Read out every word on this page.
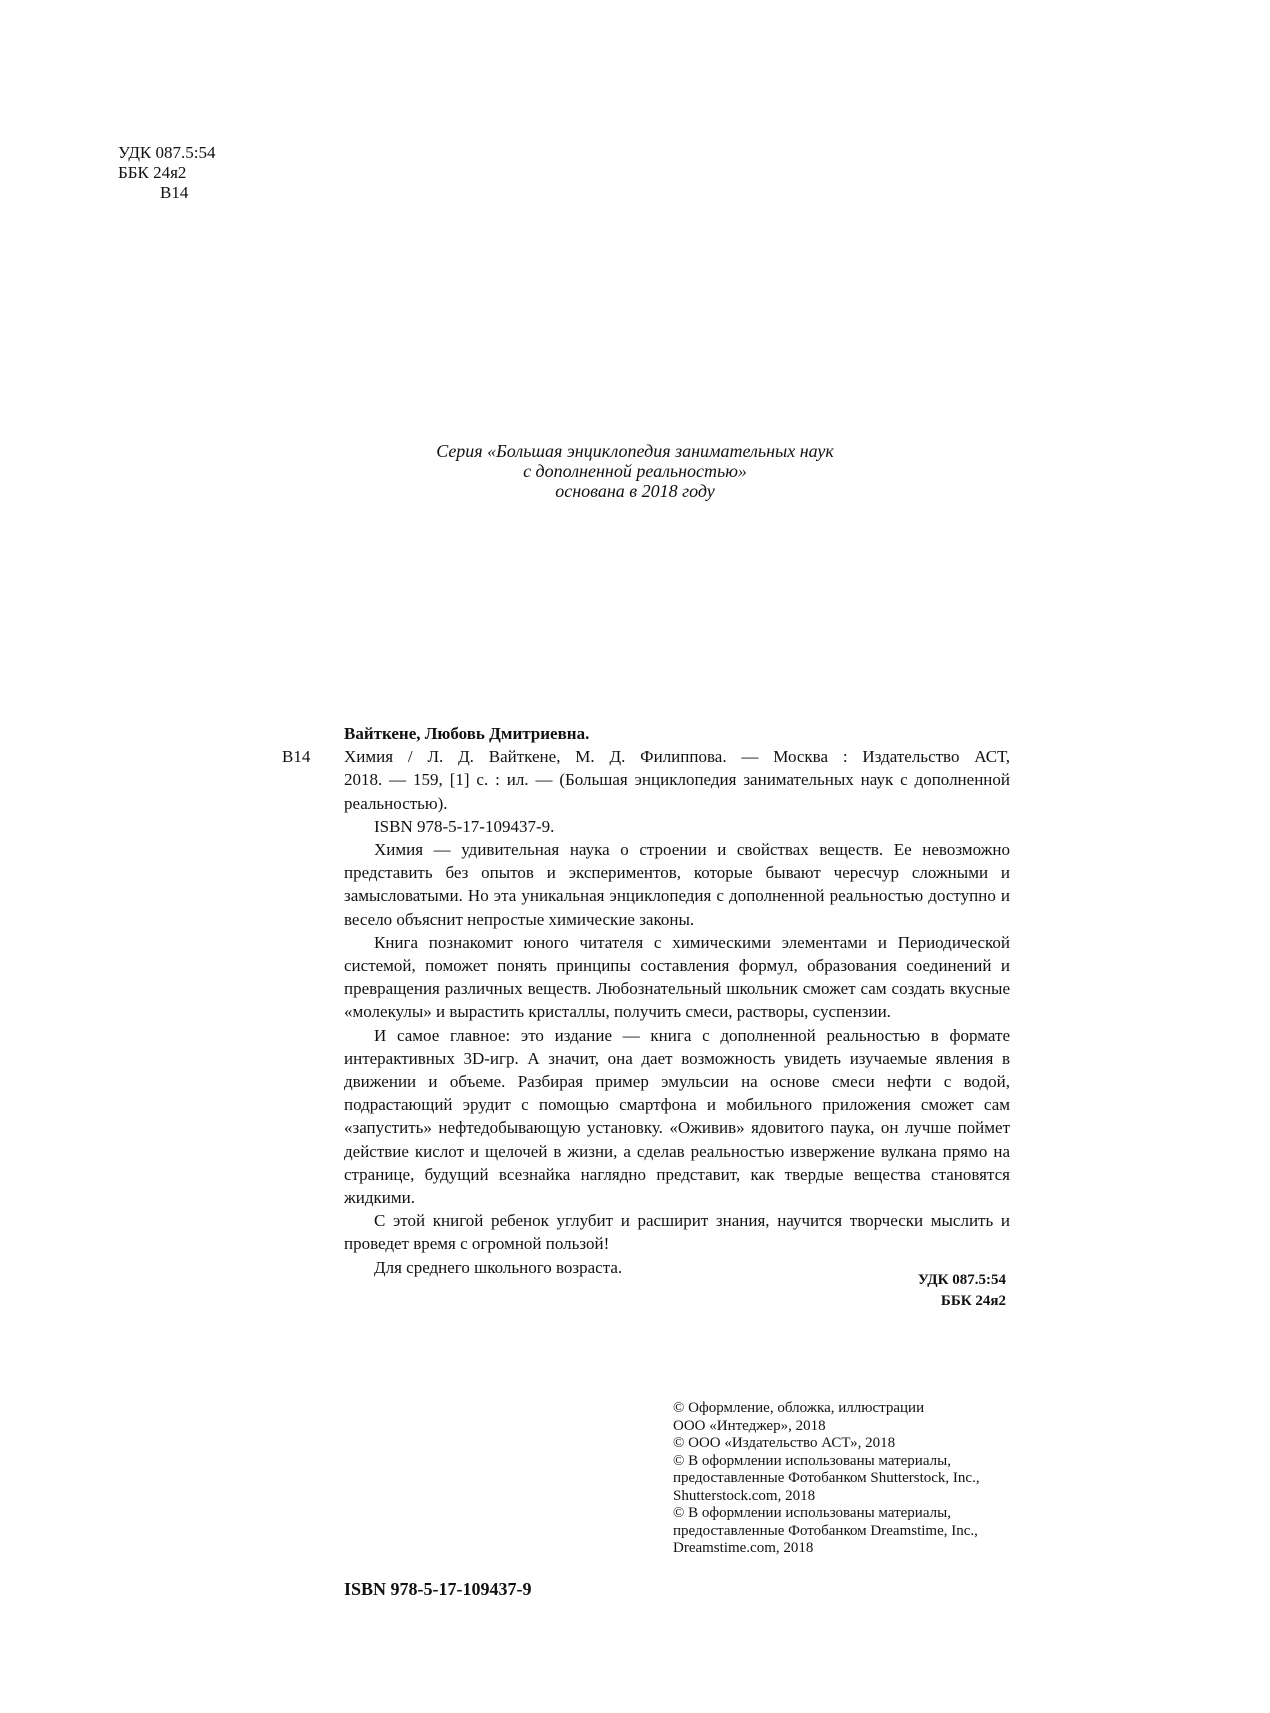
УДК 087.5:54
ББК 24я2
В14
Серия «Большая энциклопедия занимательных наук
с дополненной реальностью»
основана в 2018 году
В14

Вайткене, Любовь Дмитриевна.

Химия / Л. Д. Вайткене, М. Д. Филиппова. — Москва : Издательство АСТ,

2018. — 159, [1] с. : ил. — (Большая энциклопедия занимательных наук с дополненной реальностью).

ISBN 978-5-17-109437-9.

Химия — удивительная наука о строении и свойствах веществ. Ее невозможно представить без опытов и экспериментов, которые бывают чересчур сложными и замысловатыми. Но эта уникальная энциклопедия с дополненной реальностью доступно и весело объяснит непростые химические законы.

Книга познакомит юного читателя с химическими элементами и Периодической системой, поможет понять принципы составления формул, образования соединений и превращения различных веществ. Любознательный школьник сможет сам создать вкусные «молекулы» и вырастить кристаллы, получить смеси, растворы, суспензии.

И самое главное: это издание — книга с дополненной реальностью в формате интерактивных 3D-игр. А значит, она дает возможность увидеть изучаемые явления в движении и объеме. Разбирая пример эмульсии на основе смеси нефти с водой, подрастающий эрудит с помощью смартфона и мобильного приложения сможет сам «запустить» нефтедобывающую установку. «Оживив» ядовитого паука, он лучше поймет действие кислот и щелочей в жизни, а сделав реальностью извержение вулкана прямо на странице, будущий всезнайка наглядно представит, как твердые вещества становятся жидкими.

С этой книгой ребенок углубит и расширит знания, научится творчески мыслить и проведет время с огромной пользой!

Для среднего школьного возраста.

УДК 087.5:54
ББК 24я2
© Оформление, обложка, иллюстрации
ООО «Интеджер», 2018
© ООО «Издательство АСТ», 2018
© В оформлении использованы материалы,
предоставленные Фотобанком Shutterstock, Inc.,
Shutterstock.com, 2018
© В оформлении использованы материалы,
предоставленные Фотобанком Dreamstime, Inc.,
Dreamstime.com, 2018
ISBN 978-5-17-109437-9
